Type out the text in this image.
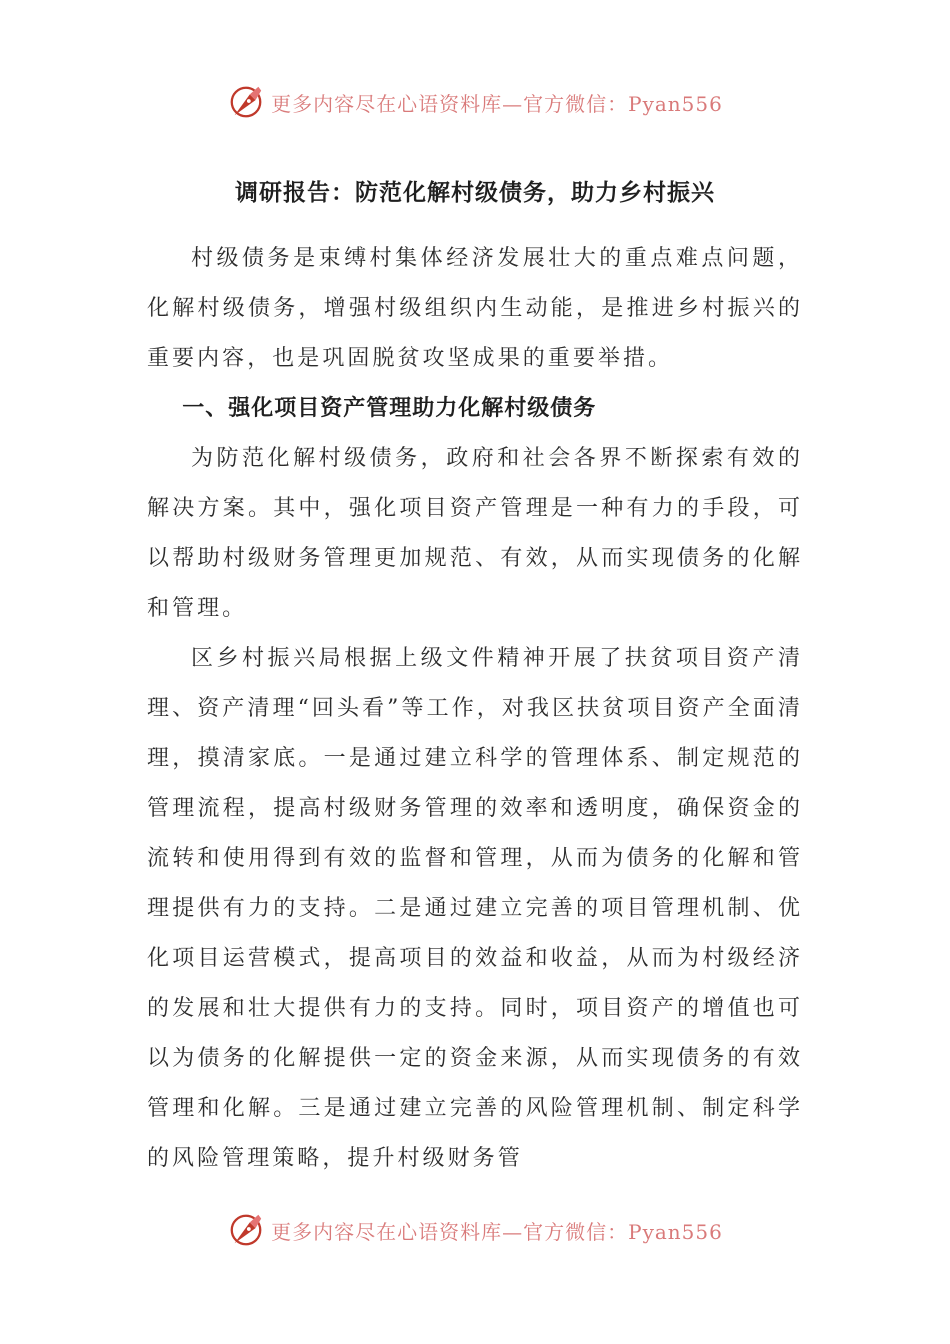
更多内容尽在心语资料库—官方微信：Pyan556
调研报告：防范化解村级债务，助力乡村振兴

村级债务是束缚村集体经济发展壮大的重点难点问题，化解村级债务，增强村级组织内生动能，是推进乡村振兴的重要内容，也是巩固脱贫攻坚成果的重要举措。

一、强化项目资产管理助力化解村级债务

为防范化解村级债务，政府和社会各界不断探索有效的解决方案。其中，强化项目资产管理是一种有力的手段，可以帮助村级财务管理更加规范、有效，从而实现债务的化解和管理。

区乡村振兴局根据上级文件精神开展了扶贫项目资产清理、资产清理“回头看”等工作，对我区扶贫项目资产全面清理，摸清家底。一是通过建立科学的管理体系、制定规范的管理流程，提高村级财务管理的效率和透明度，确保资金的流转和使用得到有效的监督和管理，从而为债务的化解和管理提供有力的支持。二是通过建立完善的项目管理机制、优化项目运营模式，提高项目的效益和收益，从而为村级经济的发展和壮大提供有力的支持。同时，项目资产的增值也可以为债务的化解提供一定的资金来源，从而实现债务的有效管理和化解。三是通过建立完善的风险管理机制、制定科学的风险管理策略，提升村级财务管

更多内容尽在心语资料库—官方微信：Pyan556
